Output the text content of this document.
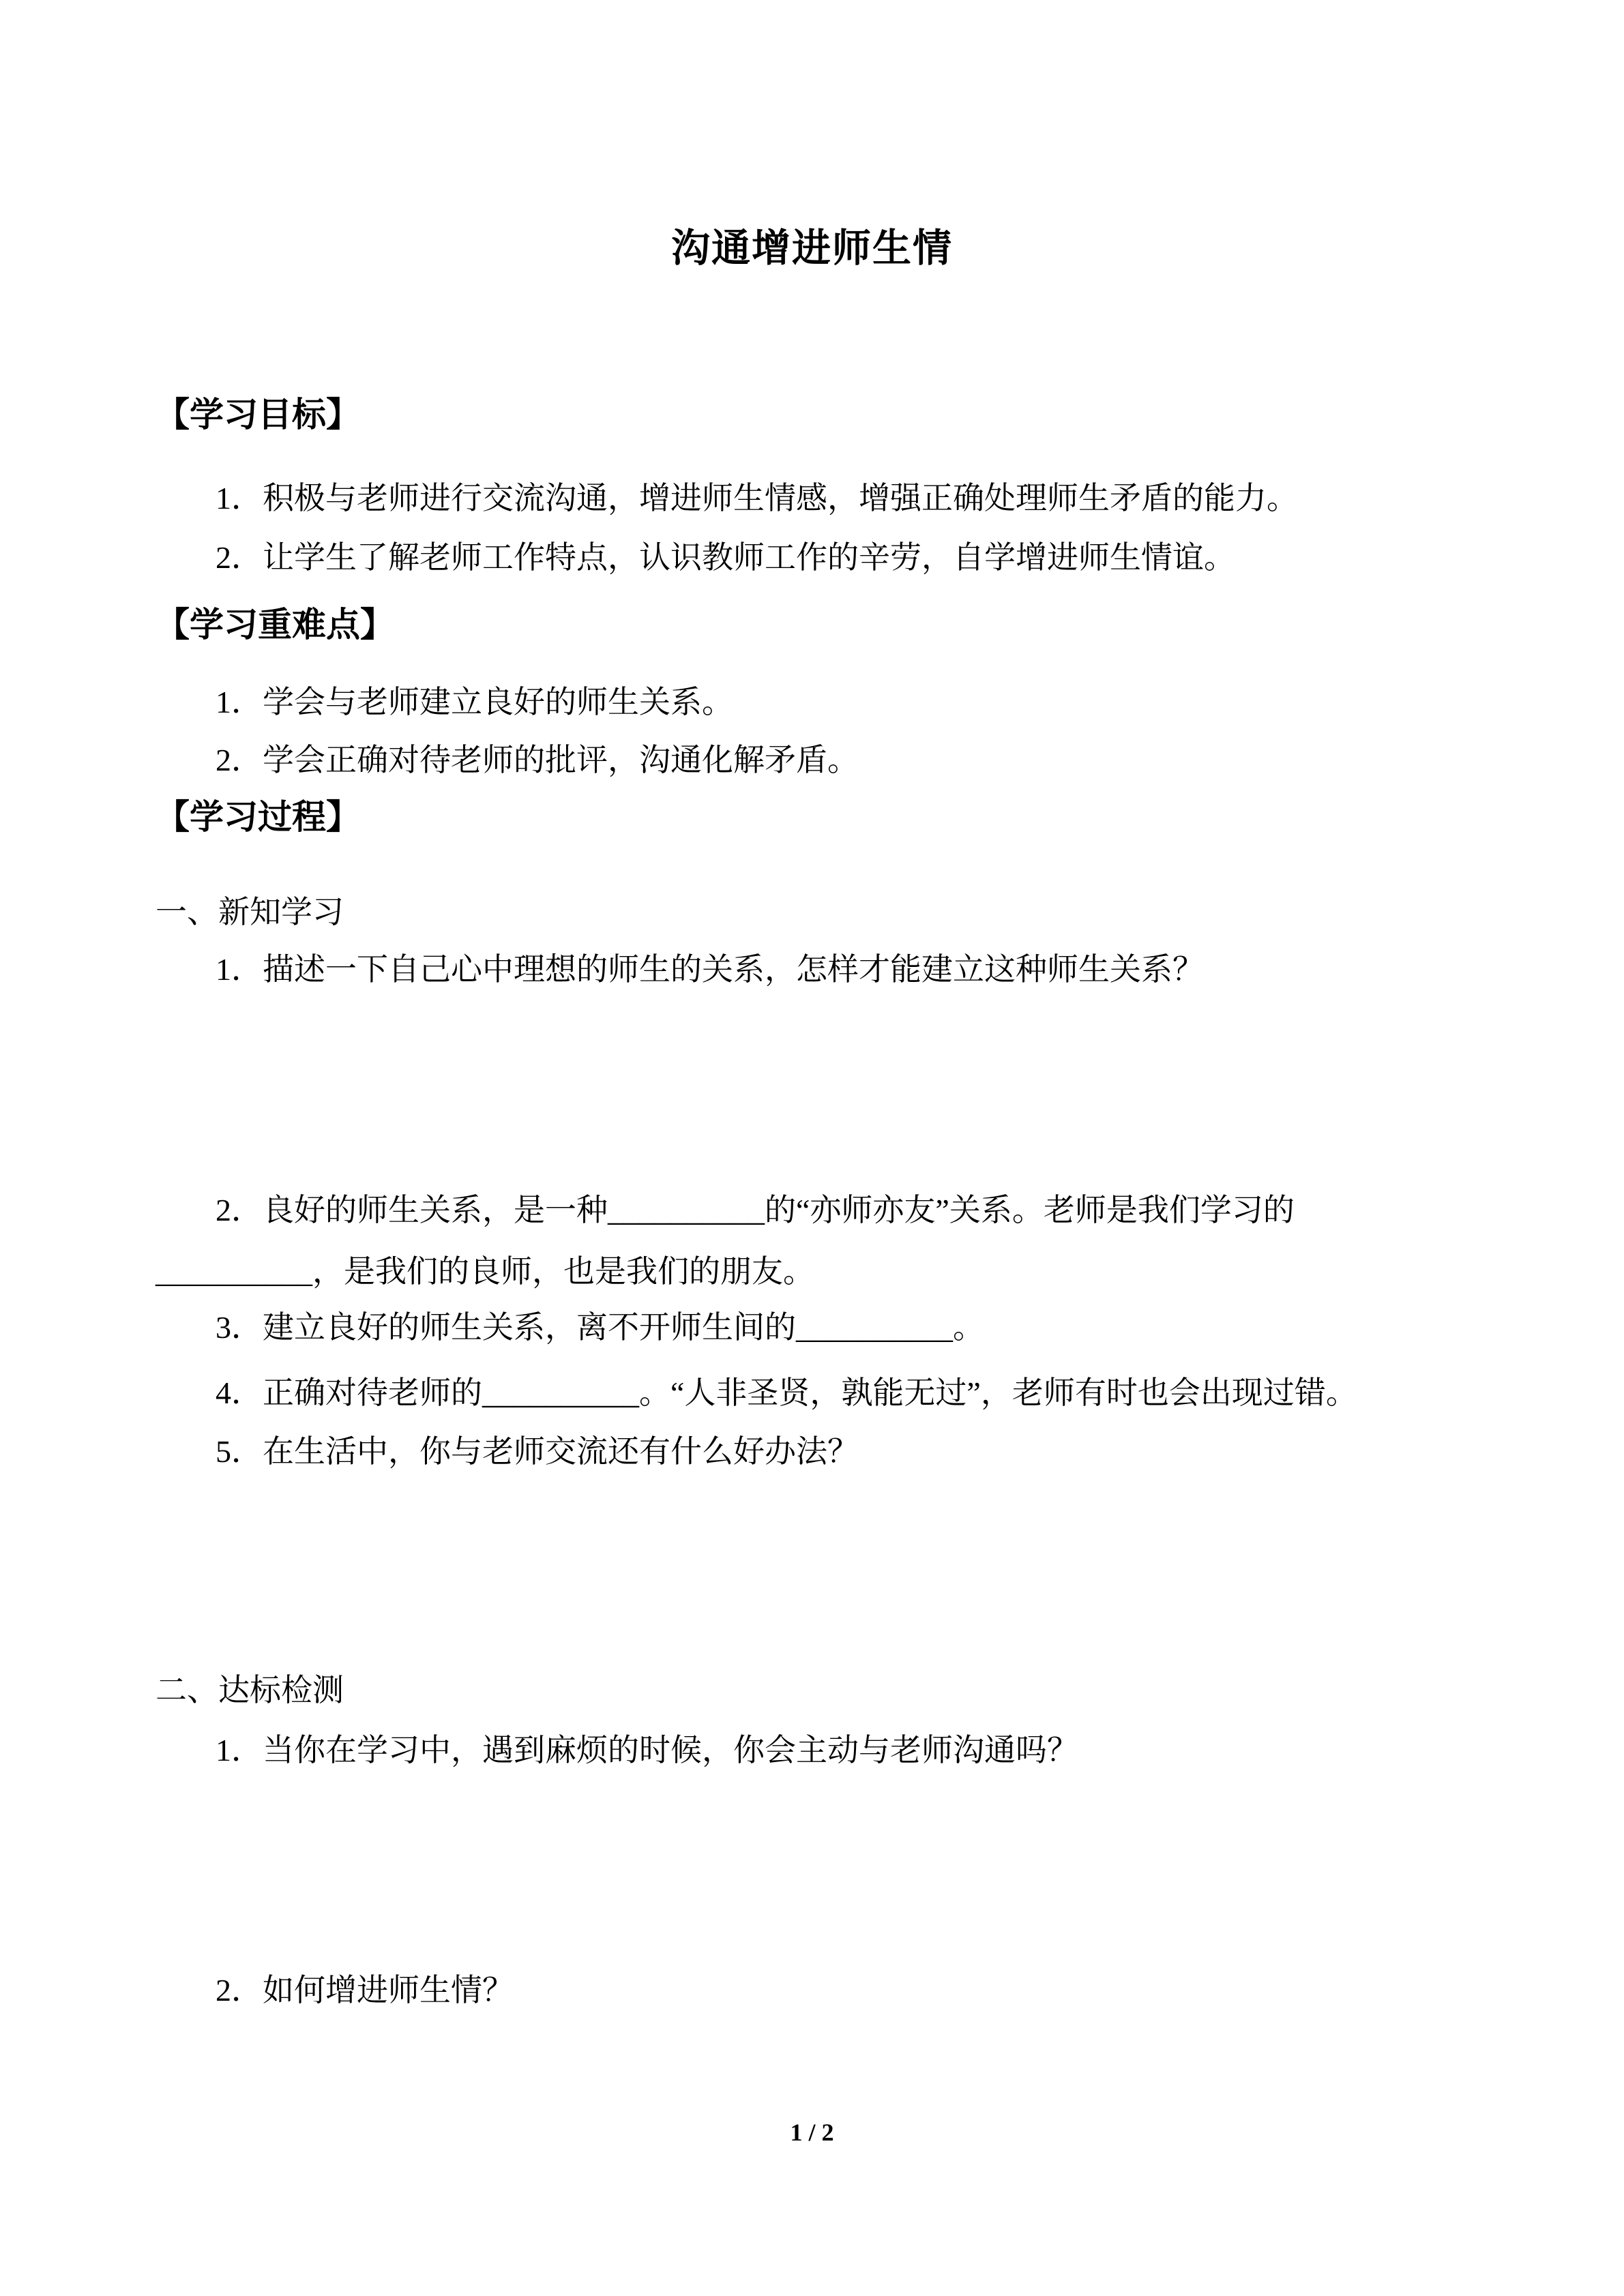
沟通增进师生情
【学习目标】
1．积极与老师进行交流沟通，增进师生情感，增强正确处理师生矛盾的能力。
2．让学生了解老师工作特点，认识教师工作的辛劳，自学增进师生情谊。
【学习重难点】
1．学会与老师建立良好的师生关系。
2．学会正确对待老师的批评，沟通化解矛盾。
【学习过程】
一、新知学习
1．描述一下自己心中理想的师生的关系，怎样才能建立这种师生关系？
2．良好的师生关系，是一种__________的“亦师亦友”关系。老师是我们学习的
__________，是我们的良师，也是我们的朋友。
3．建立良好的师生关系，离不开师生间的__________。
4．正确对待老师的__________。“人非圣贤，孰能无过”，老师有时也会出现过错。
5．在生活中，你与老师交流还有什么好办法？
二、达标检测
1．当你在学习中，遇到麻烦的时候，你会主动与老师沟通吗？
2．如何增进师生情？
1 / 2
